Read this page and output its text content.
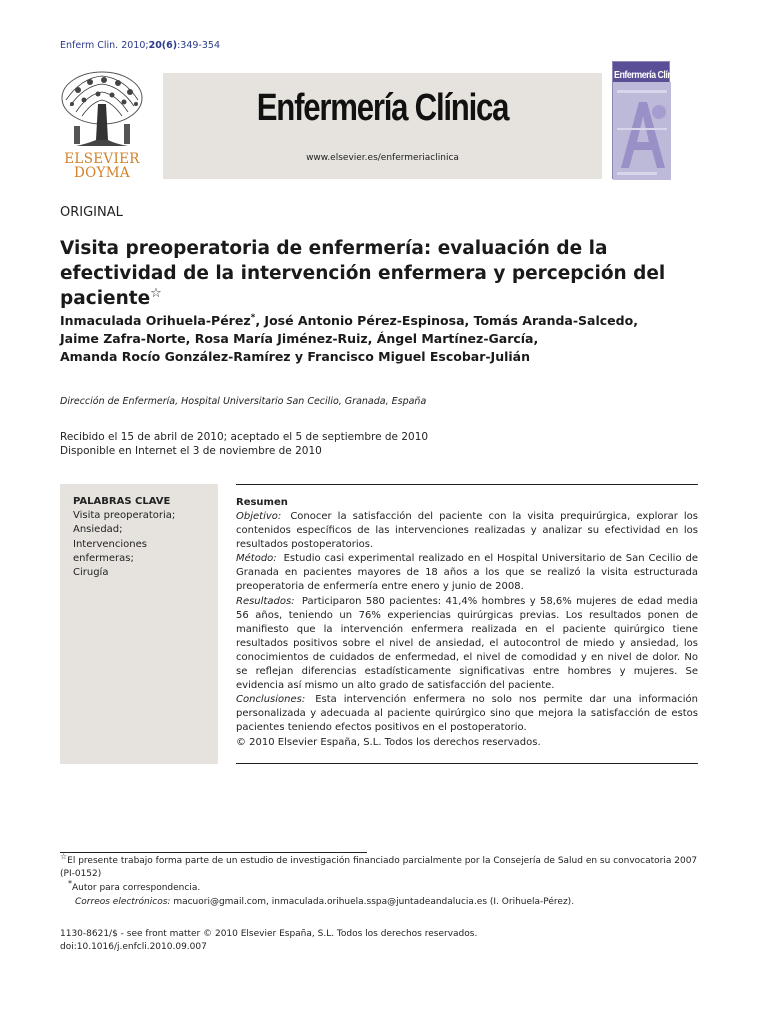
Enferm Clin. 2010;20(6):349-354
ELSEVIER
DOYMA
Enfermería Clínica
www.elsevier.es/enfermeriaclinica
Enfermería Clínica
ORIGINAL
Visita preoperatoria de enfermería: evaluación de la efectividad de la intervención enfermera y percepción del paciente☆
Inmaculada Orihuela-Pérez*, José Antonio Pérez-Espinosa, Tomás Aranda-Salcedo,
Jaime Zafra-Norte, Rosa María Jiménez-Ruiz, Ángel Martínez-García,
Amanda Rocío González-Ramírez y Francisco Miguel Escobar-Julián
Dirección de Enfermería, Hospital Universitario San Cecilio, Granada, España
Recibido el 15 de abril de 2010; aceptado el 5 de septiembre de 2010
Disponible en Internet el 3 de noviembre de 2010
PALABRAS CLAVE
Visita preoperatoria;
Ansiedad;
Intervenciones
enfermeras;
Cirugía
Resumen
Objetivo: Conocer la satisfacción del paciente con la visita prequirúrgica, explorar los contenidos específicos de las intervenciones realizadas y analizar su efectividad en los resultados postoperatorios.
Método: Estudio casi experimental realizado en el Hospital Universitario de San Cecilio de Granada en pacientes mayores de 18 años a los que se realizó la visita estructurada preoperatoria de enfermería entre enero y junio de 2008.
Resultados: Participaron 580 pacientes: 41,4% hombres y 58,6% mujeres de edad media 56 años, teniendo un 76% experiencias quirúrgicas previas. Los resultados ponen de manifiesto que la intervención enfermera realizada en el paciente quirúrgico tiene resultados positivos sobre el nivel de ansiedad, el autocontrol de miedo y ansiedad, los conocimientos de cuidados de enfermedad, el nivel de comodidad y en nivel de dolor. No se reflejan diferencias estadísticamente significativas entre hombres y mujeres. Se evidencia así mismo un alto grado de satisfacción del paciente.
Conclusiones: Esta intervención enfermera no solo nos permite dar una información personalizada y adecuada al paciente quirúrgico sino que mejora la satisfacción de estos pacientes teniendo efectos positivos en el postoperatorio.
© 2010 Elsevier España, S.L. Todos los derechos reservados.
☆El presente trabajo forma parte de un estudio de investigación financiado parcialmente por la Consejería de Salud en su convocatoria 2007 (PI-0152)
*Autor para correspondencia.
Correos electrónicos: macuori@gmail.com, inmaculada.orihuela.sspa@juntadeandalucia.es (I. Orihuela-Pérez).
1130-8621/$ - see front matter © 2010 Elsevier España, S.L. Todos los derechos reservados.
doi:10.1016/j.enfcli.2010.09.007
